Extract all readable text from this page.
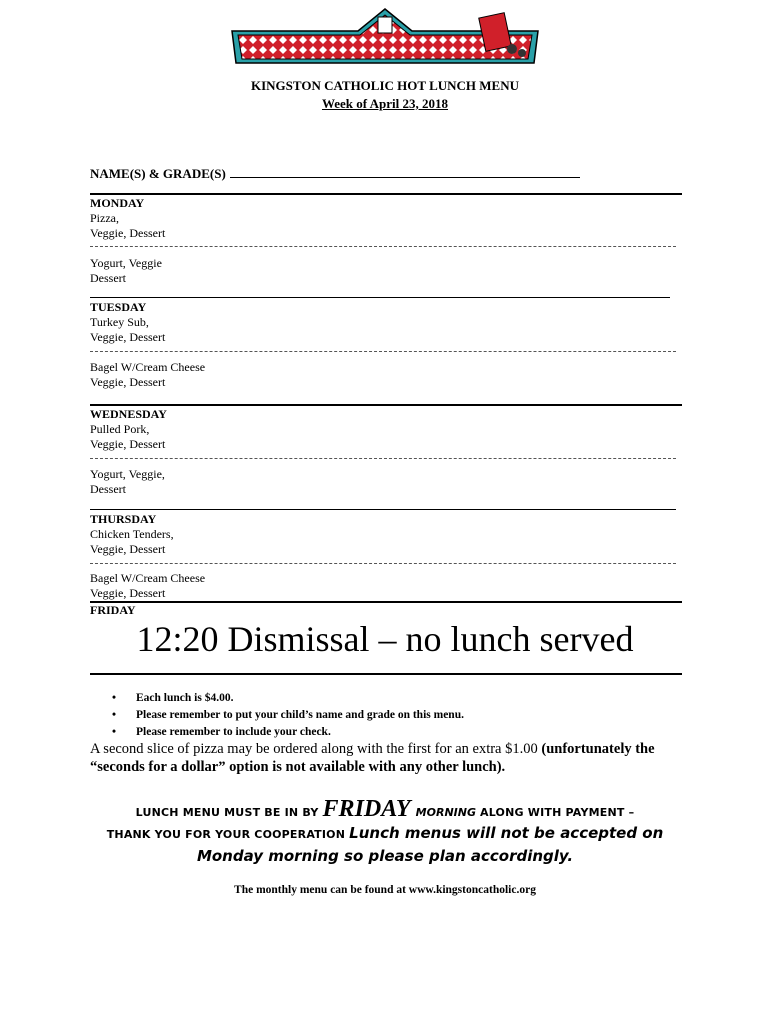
KINGSTON CATHOLIC HOT LUNCH MENU
Week of April 23, 2018
NAME(S) & GRADE(S)
MONDAY
Pizza,
Veggie, Dessert
Yogurt, Veggie
Dessert
TUESDAY
Turkey Sub,
Veggie, Dessert
Bagel W/Cream Cheese
Veggie, Dessert
WEDNESDAY
Pulled Pork,
Veggie, Dessert
Yogurt, Veggie,
Dessert
THURSDAY
Chicken Tenders,
Veggie, Dessert
Bagel W/Cream Cheese
Veggie, Dessert
FRIDAY
12:20 Dismissal – no lunch served
• Each lunch is $4.00.
• Please remember to put your child’s name and grade on this menu.
• Please remember to include your check.
A second slice of pizza may be ordered along with the first for an extra $1.00 (unfortunately the “seconds for a dollar” option is not available with any other lunch).
LUNCH MENU MUST BE IN BY FRIDAY MORNING ALONG WITH PAYMENT –
THANK YOU FOR YOUR COOPERATION Lunch menus will not be accepted on
Monday morning so please plan accordingly.
The monthly menu can be found at www.kingstoncatholic.org
